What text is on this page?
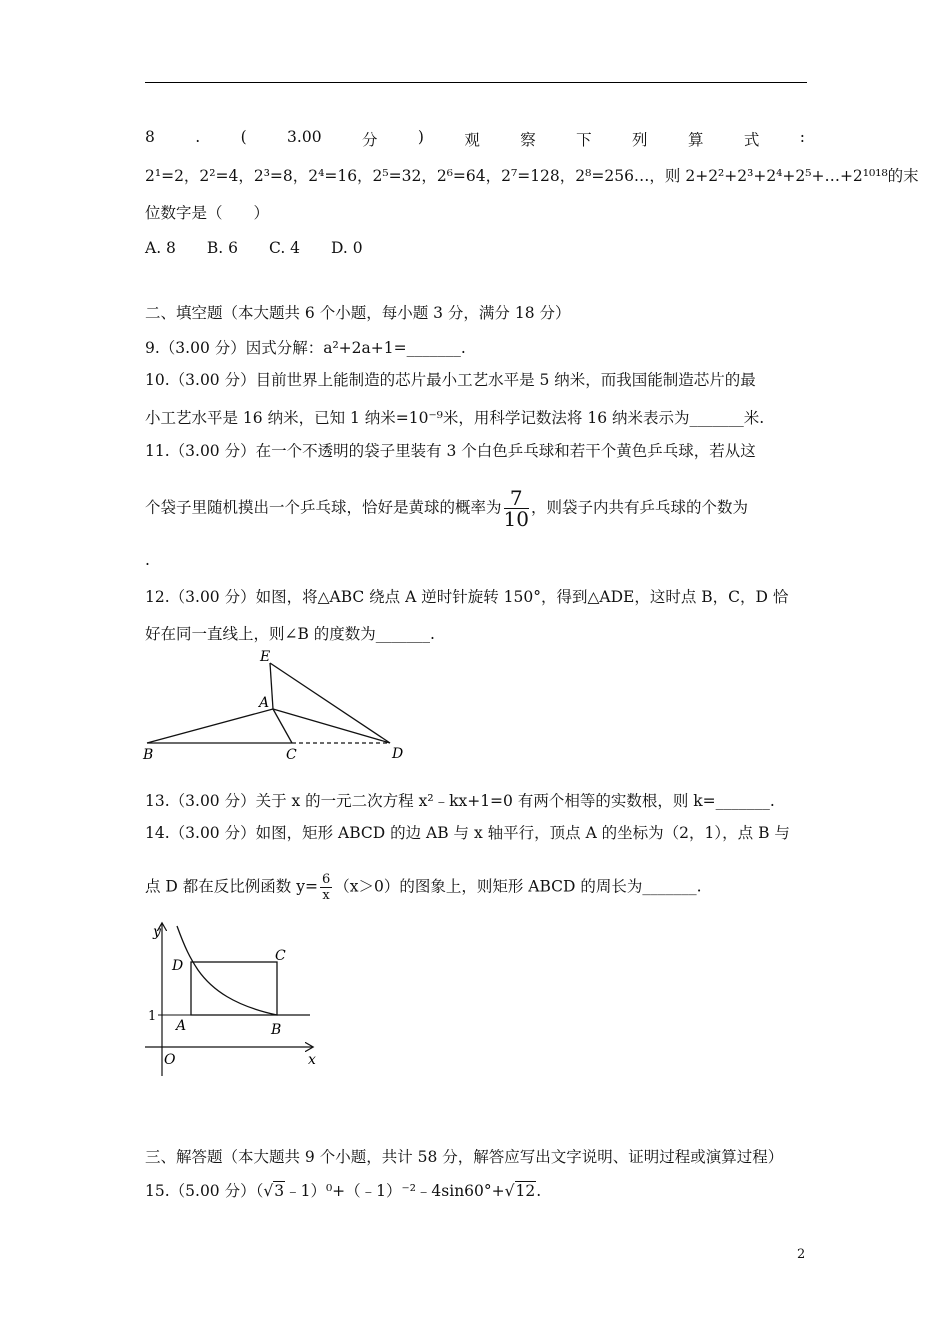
8	.	(	3.00	分	)	观	察	下	列	算	式	:
2¹=2，2²=4，2³=8，2⁴=16，2⁵=32，2⁶=64，2⁷=128，2⁸=256…，则 2+2²+2³+2⁴+2⁵+…+2¹⁰¹⁸的末
位数字是（　　）
A. 8　　B. 6　　C. 4　　D. 0
二、填空题（本大题共 6 个小题，每小题 3 分，满分 18 分）
9.（3.00 分）因式分解：a²+2a+1=_______.
10.（3.00 分）目前世界上能制造的芯片最小工艺水平是 5 纳米，而我国能制造芯片的最
小工艺水平是 16 纳米，已知 1 纳米=10⁻⁹米，用科学记数法将 16 纳米表示为_______米.
11.（3.00 分）在一个不透明的袋子里装有 3 个白色乒乓球和若干个黄色乒乓球，若从这
个袋子里随机摸出一个乒乓球，恰好是黄球的概率为 $\frac{7}{10}$ ，则袋子内共有乒乓球的个数为
.
12.（3.00 分）如图，将△ABC 绕点 A 逆时针旋转 150°，得到△ADE，这时点 B，C，D 恰
好在同一直线上，则∠B 的度数为_______.
E
A
B	C	D
13.（3.00 分）关于 x 的一元二次方程 x²﹣kx+1=0 有两个相等的实数根，则 k=_______.
14.（3.00 分）如图，矩形 ABCD 的边 AB 与 x 轴平行，顶点 A 的坐标为（2，1），点 B 与
点 D 都在反比例函数 $y= \frac{6}{x} (x>0)$的图象上，则矩形 ABCD 的周长为_______.
y
x
O
1
A	B
C
D
三、解答题（本大题共 9 个小题，共计 58 分，解答应写出文字说明、证明过程或演算过程）
15.（5.00 分）（√3﹣1）⁰+（﹣1）⁻²﹣4sin60°+√12.
2
